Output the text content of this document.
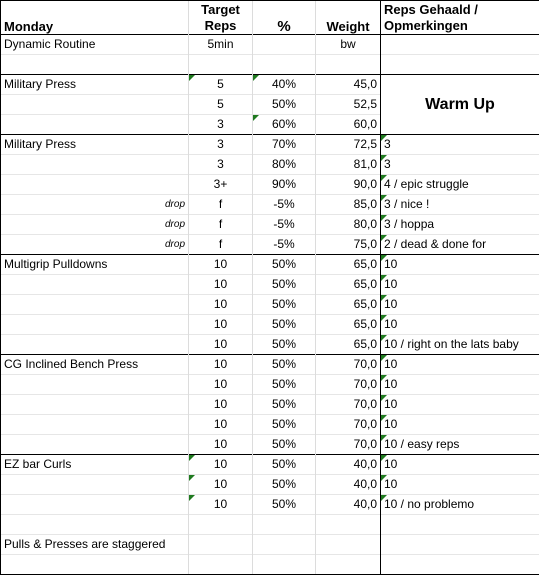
Monday	Target	%	Weight	Reps Gehaald /
	Reps			Opmerkingen
Dynamic Routine	5min		bw	

Military Press	5	40%	45,0	Warm Up
	5	50%	52,5	
	3	60%	60,0	
Military Press	3	70%	72,5	3
	3	80%	81,0	3
	3+	90%	90,0	4 / epic struggle
drop	f	-5%	85,0	3 / nice !
drop	f	-5%	80,0	3 / hoppa
drop	f	-5%	75,0	2 / dead & done for
Multigrip Pulldowns	10	50%	65,0	10
	10	50%	65,0	10
	10	50%	65,0	10
	10	50%	65,0	10
	10	50%	65,0	10 / right on the lats baby
CG Inclined Bench Press	10	50%	70,0	10
	10	50%	70,0	10
	10	50%	70,0	10
	10	50%	70,0	10
	10	50%	70,0	10 / easy reps
EZ bar Curls	10	50%	40,0	10
	10	50%	40,0	10
	10	50%	40,0	10 / no problemo

Pulls & Presses are staggered				
